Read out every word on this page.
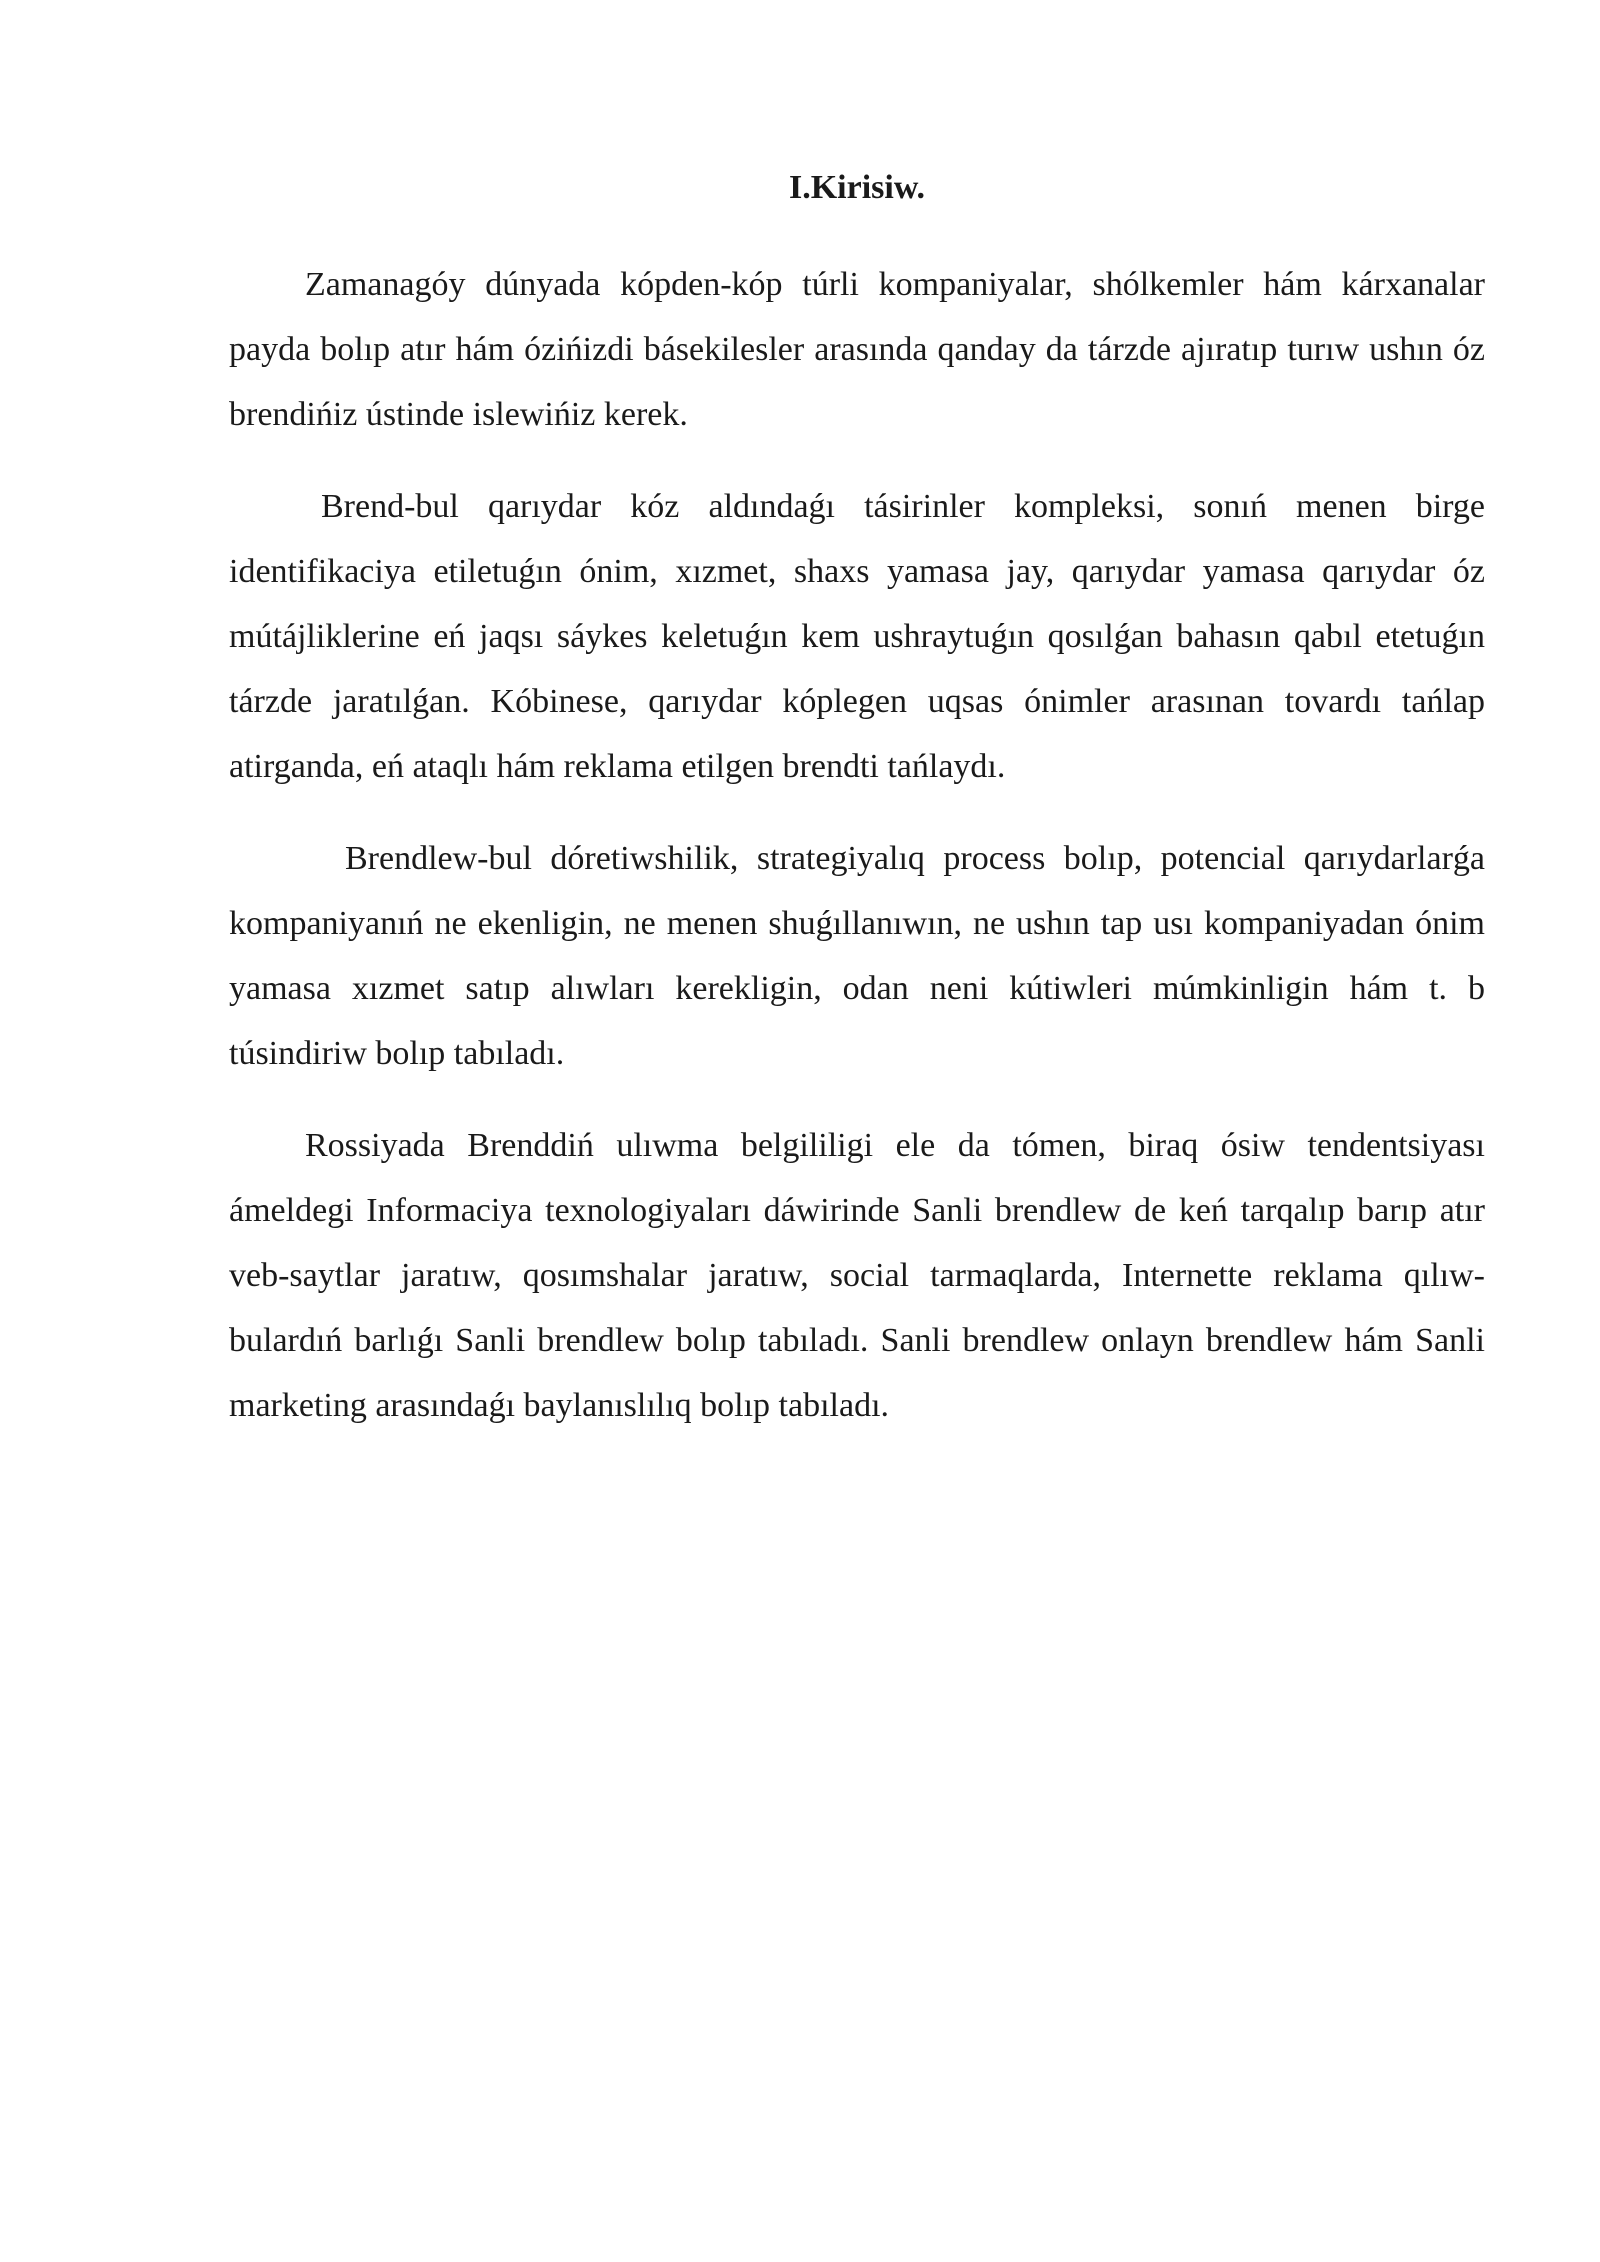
I.Kirisiw.

Zamanagóy dúnyada kópden-kóp túrli kompaniyalar, shólkemler hám kárxanalar payda bolıp atır hám ózińizdi básekilesler arasında qanday da tárzde ajıratıp turıw ushın óz brendińiz ústinde islewińiz kerek.

Brend-bul qarıydar kóz aldındaǵı tásirinler kompleksi, sonıń menen birge identifikaciya etiletuǵın ónim, xızmet, shaxs yamasa jay, qarıydar yamasa qarıydar óz mútájliklerine eń jaqsı sáykes keletuǵın kem ushraytuǵın qosılǵan bahasın qabıl etetuǵın tárzde jaratılǵan. Kóbinese, qarıydar kóplegen uqsas ónimler arasınan tovardı tańlap atirganda, eń ataqlı hám reklama etilgen brendti tańlaydı.

Brendlew-bul dóretiwshilik, strategiyalıq process bolıp, potencial qarıydarlarǵa kompaniyanıń ne ekenligin, ne menen shuǵıllanıwın, ne ushın tap usı kompaniyadan ónim yamasa xızmet satıp alıwları kerekligin, odan neni kútiwleri múmkinligin hám t. b túsindiriw bolıp tabıladı.

Rossiyada Brenddiń ulıwma belgililigi ele da tómen, biraq ósiw tendentsiyası ámeldegi Informaciya texnologiyaları dáwirinde Sanli brendlew de keń tarqalıp barıp atır veb-saytlar jaratıw, qosımshalar jaratıw, social tarmaqlarda, Internette reklama qılıw-bulardıń barlıǵı Sanli brendlew bolıp tabıladı. Sanli brendlew onlayn brendlew hám Sanli marketing arasındaǵı baylanıslılıq bolıp tabıladı.
